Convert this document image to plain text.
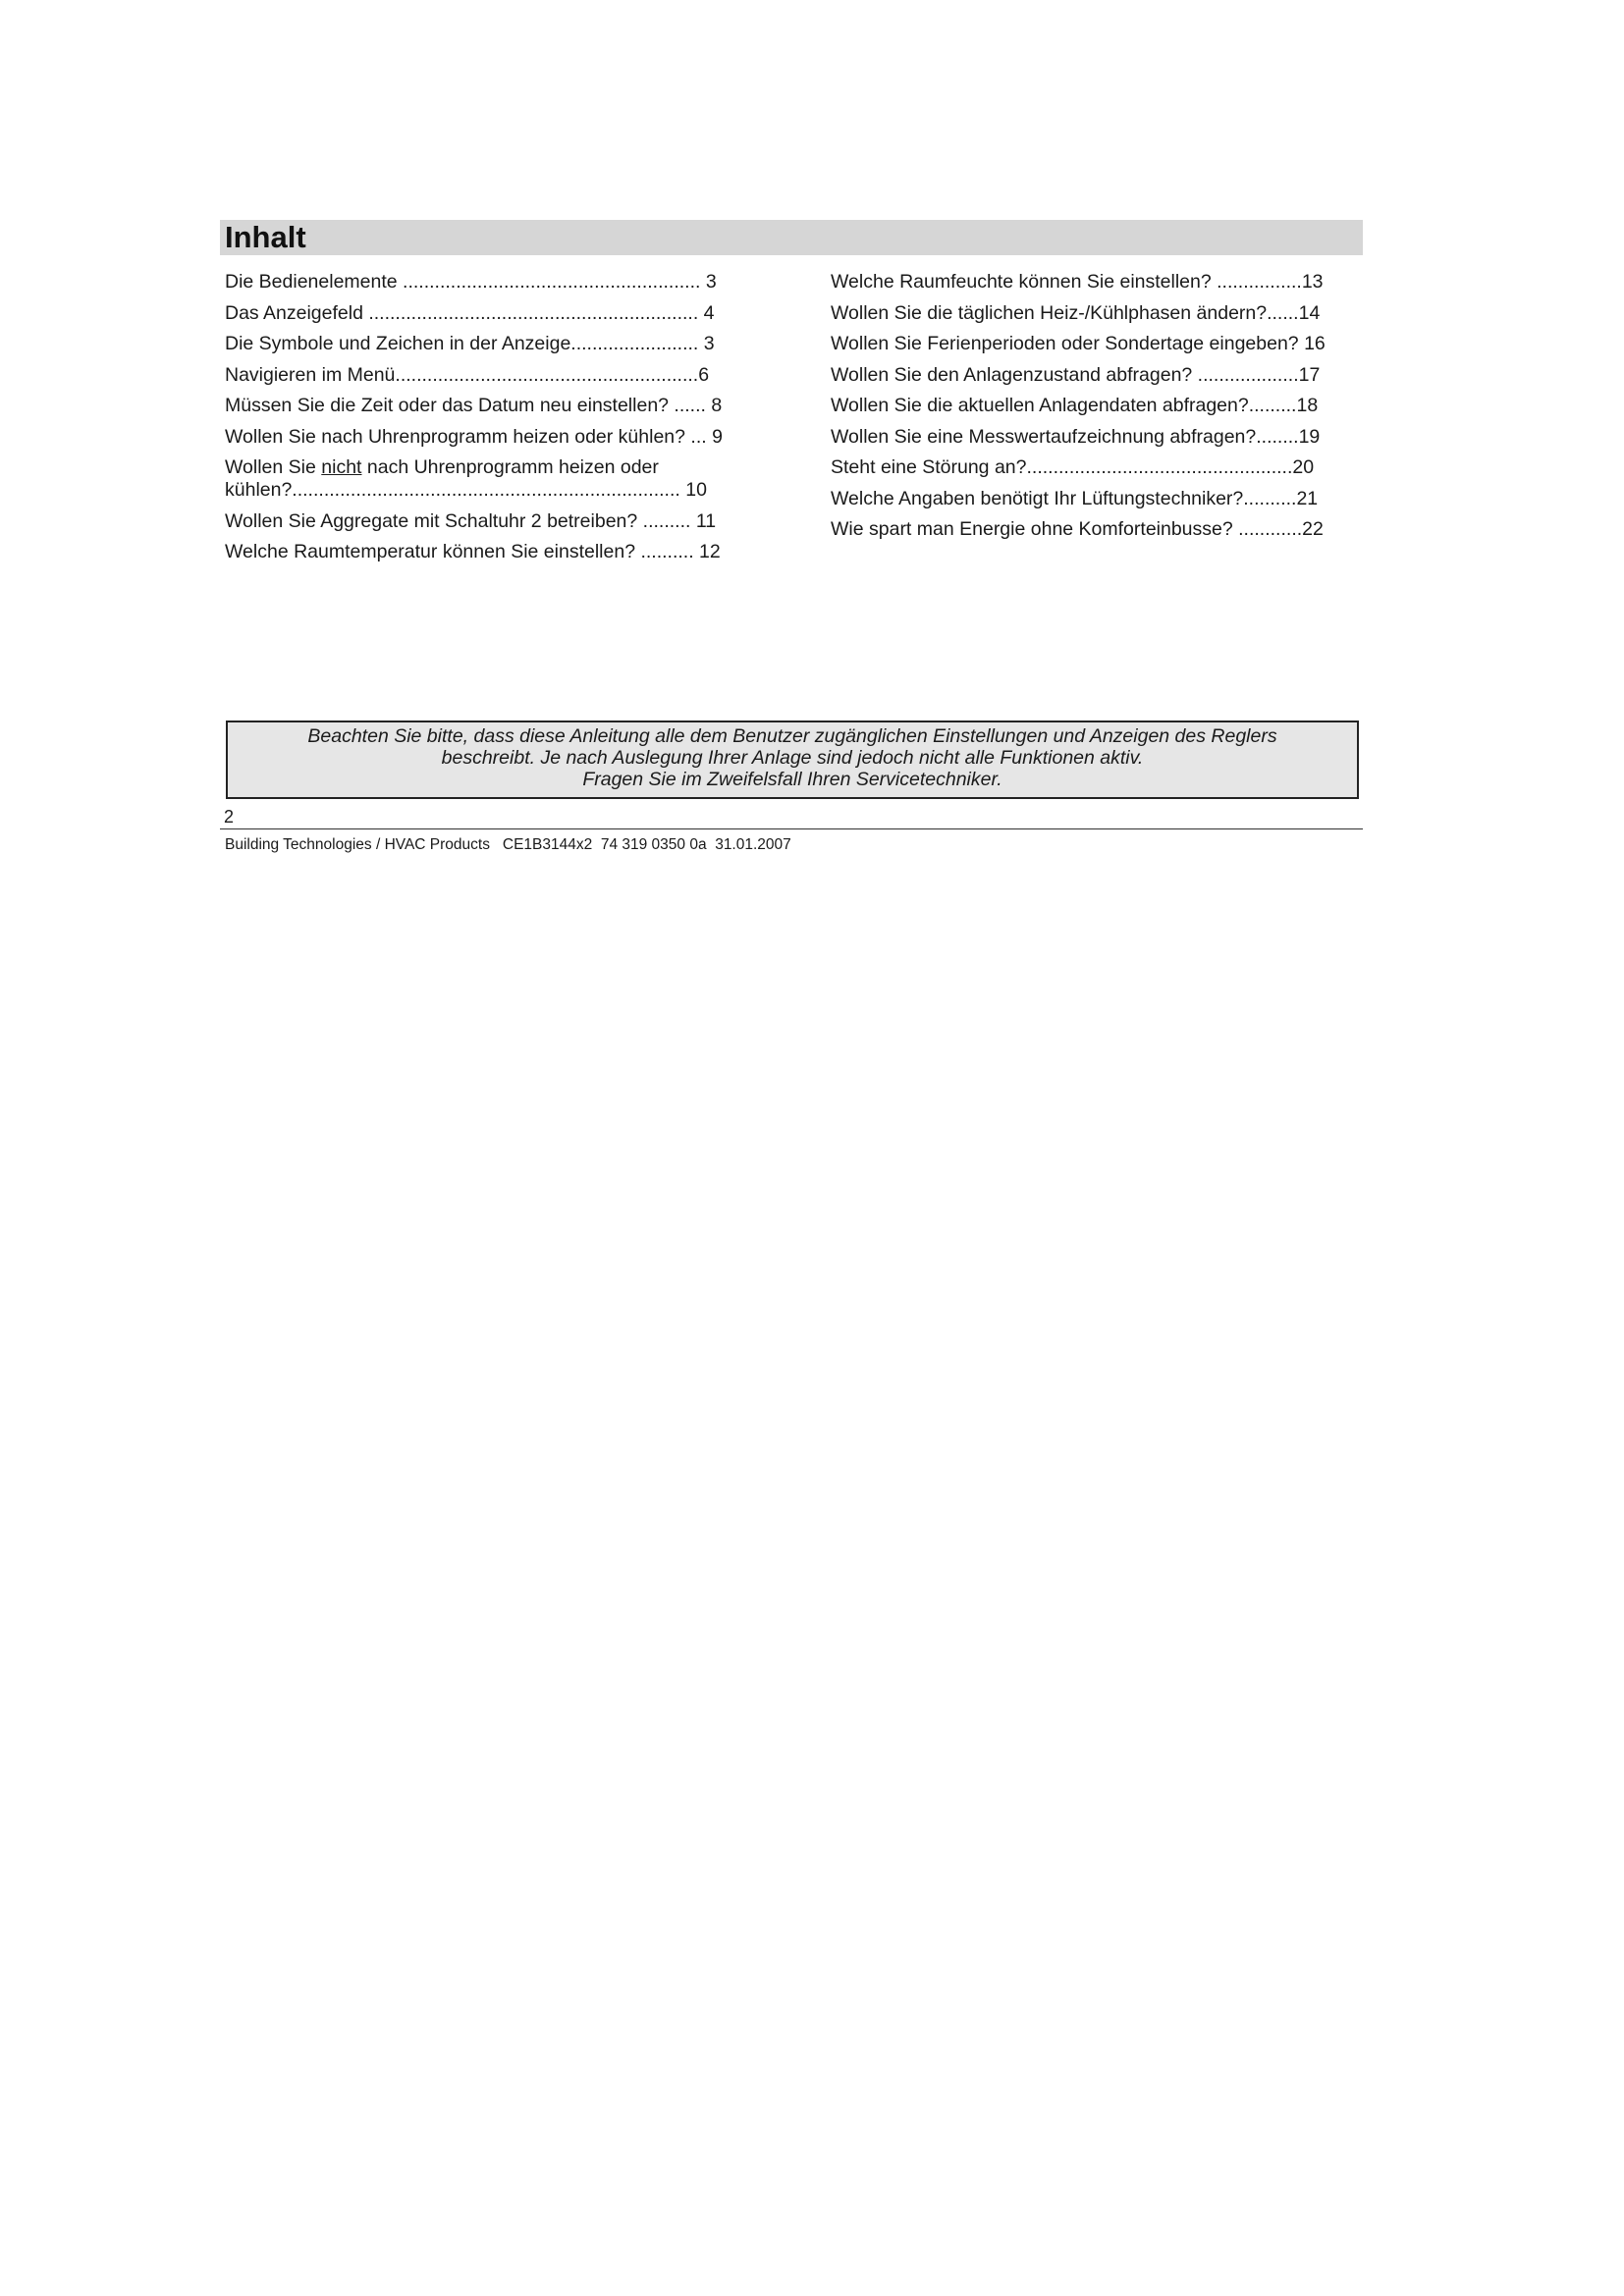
Inhalt
Die Bedienelemente ........................................................ 3
Das Anzeigefeld .............................................................. 4
Die Symbole und Zeichen in der Anzeige........................ 3
Navigieren im Menü.........................................................6
Müssen Sie die Zeit oder das Datum neu einstellen? ...... 8
Wollen Sie nach Uhrenprogramm heizen oder kühlen? ... 9
Wollen Sie nicht nach Uhrenprogramm heizen oder kühlen?......................................................................... 10
Wollen Sie Aggregate mit Schaltuhr 2 betreiben? ......... 11
Welche Raumtemperatur können Sie einstellen? .......... 12
Welche Raumfeuchte können Sie einstellen? ................13
Wollen Sie die täglichen Heiz-/Kühlphasen ändern?......14
Wollen Sie Ferienperioden oder Sondertage eingeben? 16
Wollen Sie den Anlagenzustand abfragen? ...................17
Wollen Sie die aktuellen Anlagendaten abfragen?.........18
Wollen Sie eine Messwertaufzeichnung abfragen?........19
Steht eine Störung an?..................................................20
Welche Angaben benötigt Ihr Lüftungstechniker?..........21
Wie spart man Energie ohne Komforteinbusse? ............22
Beachten Sie bitte, dass diese Anleitung alle dem Benutzer zugänglichen Einstellungen und Anzeigen des Reglers
beschreibt. Je nach Auslegung Ihrer Anlage sind jedoch nicht alle Funktionen aktiv.
Fragen Sie im Zweifelsfall Ihren Servicetechniker.
2
Building Technologies / HVAC Products   CE1B3144x2  74 319 0350 0a  31.01.2007
